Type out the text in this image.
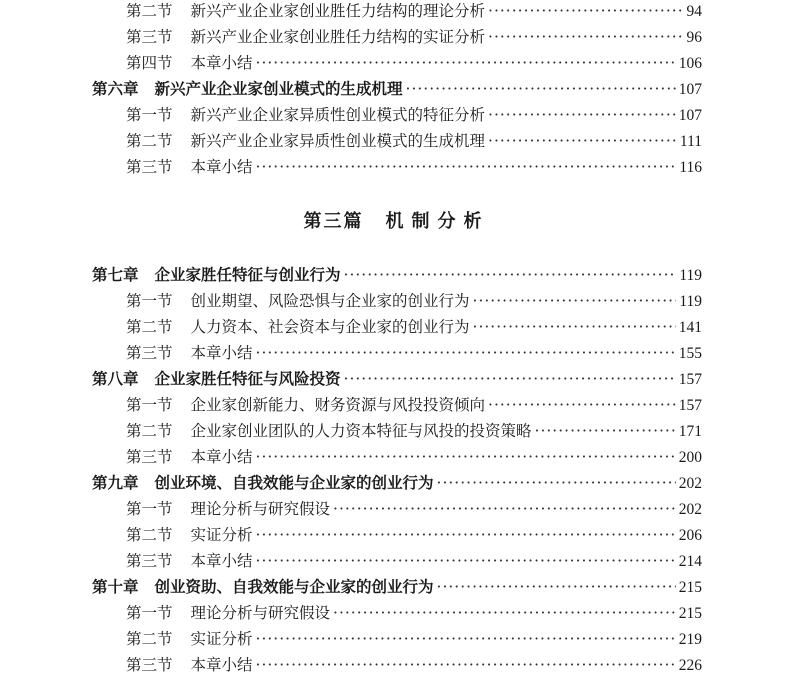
第二节 新兴产业企业家创业胜任力结构的理论分析 ·····	94
第三节 新兴产业企业家创业胜任力结构的实证分析 ·····	96
第四节 本章小结 ·····	106
第六章 新兴产业企业家创业模式的生成机理 ·····	107
第一节 新兴产业企业家异质性创业模式的特征分析 ·····	107
第二节 新兴产业企业家异质性创业模式的生成机理 ·····	111
第三节 本章小结 ·····	116
第三篇 机制分析
第七章 企业家胜任特征与创业行为 ·····	119
第一节 创业期望、风险恐惧与企业家的创业行为 ·····	119
第二节 人力资本、社会资本与企业家的创业行为 ·····	141
第三节 本章小结 ·····	155
第八章 企业家胜任特征与风险投资 ·····	157
第一节 企业家创新能力、财务资源与风投投资倾向 ·····	157
第二节 企业家创业团队的人力资本特征与风投的投资策略 ·····	171
第三节 本章小结 ·····	200
第九章 创业环境、自我效能与企业家的创业行为 ·····	202
第一节 理论分析与研究假设 ·····	202
第二节 实证分析 ·····	206
第三节 本章小结 ·····	214
第十章 创业资助、自我效能与企业家的创业行为 ·····	215
第一节 理论分析与研究假设 ·····	215
第二节 实证分析 ·····	219
第三节 本章小结 ·····	226
